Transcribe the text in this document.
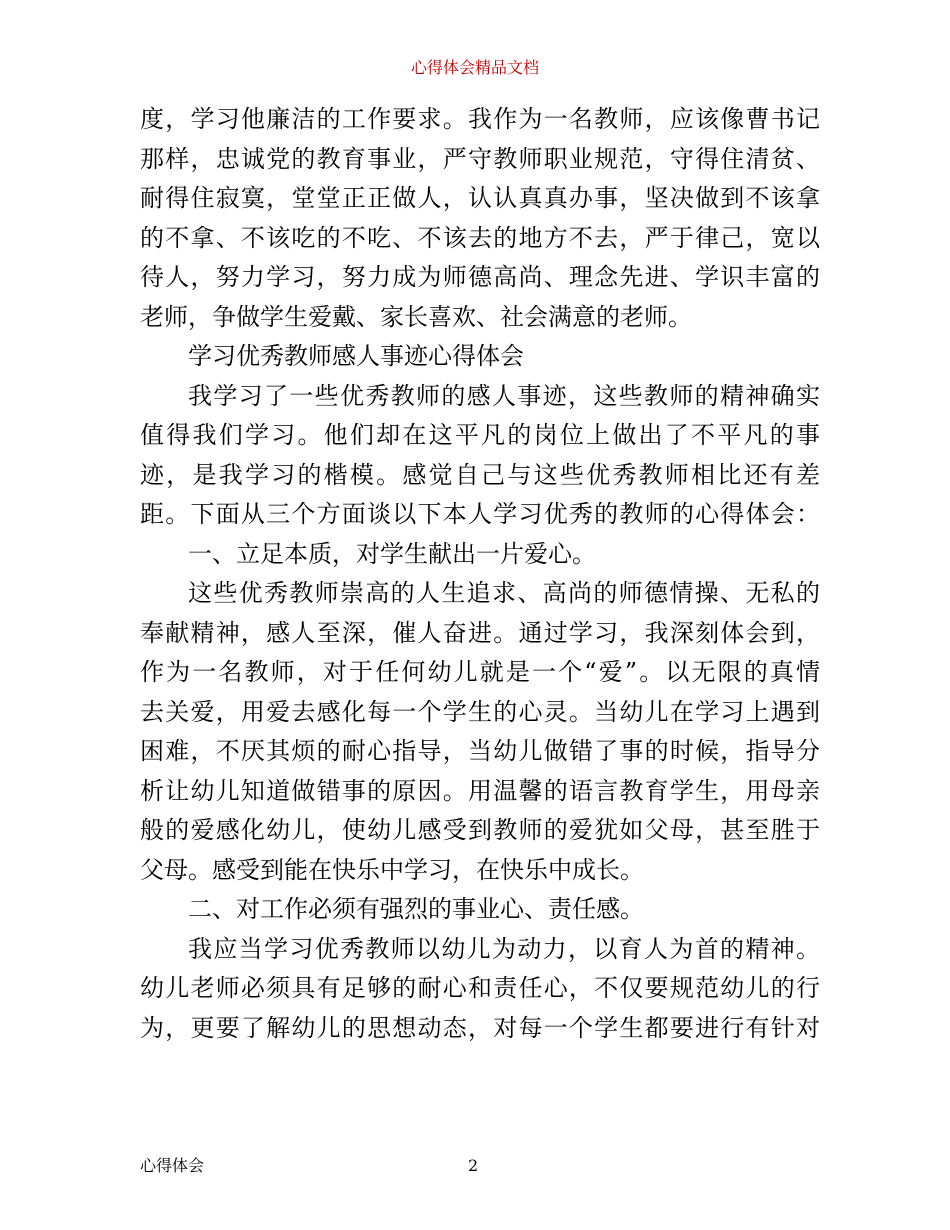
心得体会精品文档
度，学习他廉洁的工作要求。我作为一名教师，应该像曹书记
那样，忠诚党的教育事业，严守教师职业规范，守得住清贫、
耐得住寂寞，堂堂正正做人，认认真真办事，坚决做到不该拿
的不拿、不该吃的不吃、不该去的地方不去，严于律己，宽以
待人，努力学习，努力成为师德高尚、理念先进、学识丰富的
老师，争做学生爱戴、家长喜欢、社会满意的老师。
学习优秀教师感人事迹心得体会
我学习了一些优秀教师的感人事迹，这些教师的精神确实
值得我们学习。他们却在这平凡的岗位上做出了不平凡的事
迹，是我学习的楷模。感觉自己与这些优秀教师相比还有差
距。下面从三个方面谈以下本人学习优秀的教师的心得体会：
一、立足本质，对学生献出一片爱心。
这些优秀教师崇高的人生追求、高尚的师德情操、无私的
奉献精神，感人至深，催人奋进。通过学习，我深刻体会到，
作为一名教师，对于任何幼儿就是一个“爱”。以无限的真情
去关爱，用爱去感化每一个学生的心灵。当幼儿在学习上遇到
困难，不厌其烦的耐心指导，当幼儿做错了事的时候，指导分
析让幼儿知道做错事的原因。用温馨的语言教育学生，用母亲
般的爱感化幼儿，使幼儿感受到教师的爱犹如父母，甚至胜于
父母。感受到能在快乐中学习，在快乐中成长。
二、对工作必须有强烈的事业心、责任感。
我应当学习优秀教师以幼儿为动力，以育人为首的精神。
幼儿老师必须具有足够的耐心和责任心，不仅要规范幼儿的行
为，更要了解幼儿的思想动态，对每一个学生都要进行有针对
心得体会	2
